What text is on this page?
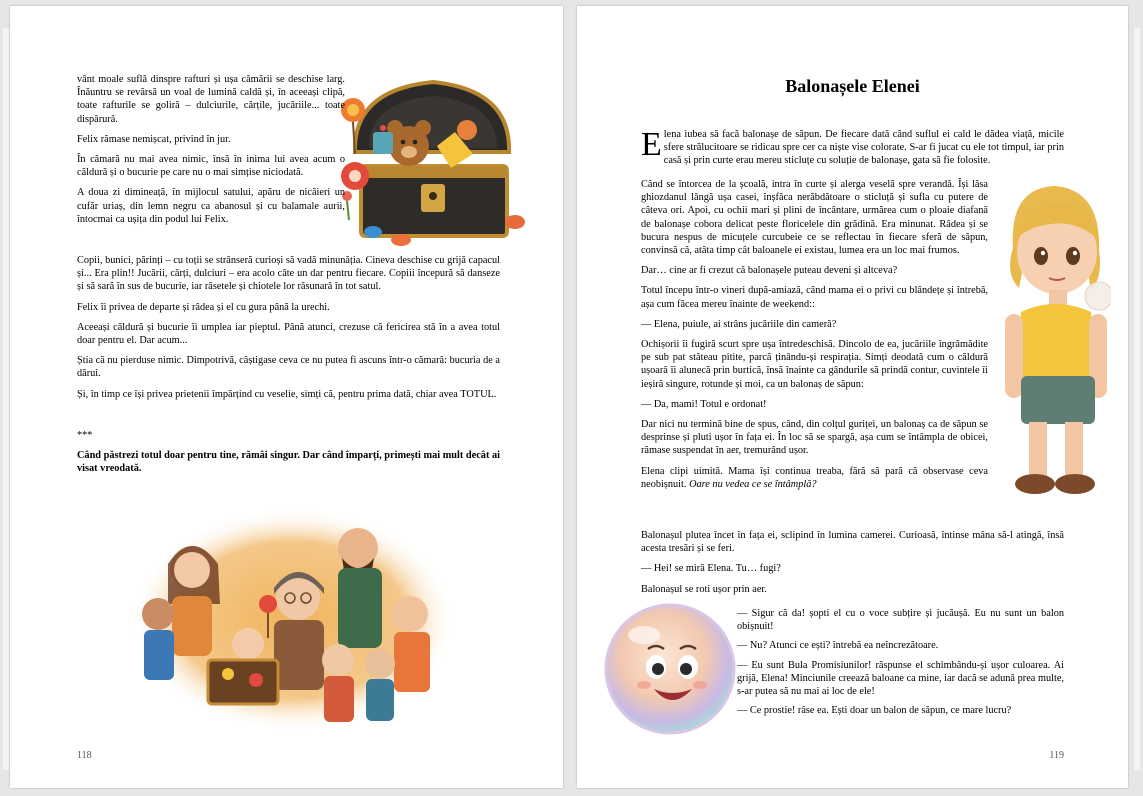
vânt moale suflă dinspre rafturi și ușa cămării se deschise larg. Înăuntru se revărsă un voal de lumină caldă și, în aceeași clipă, toate rafturile se goliră – dulciurile, cărțile, jucăriile... toate dispărură.

Felix rămase nemișcat, privind în jur.

În cămară nu mai avea nimic, însă în inima lui avea acum o căldură și o bucurie pe care nu o mai simțise niciodată.

A doua zi dimineață, în mijlocul satului, apăru de nicăieri un cufăr uriaș, din lemn negru ca abanosul și cu balamale aurii, întocmai ca ușița din podul lui Felix.

Copii, bunici, părinți – cu toții se strânseră curioși să vadă minunăția. Cineva deschise cu grijă capacul și... Era plin!! Jucării, cărți, dulciuri – era acolo câte un dar pentru fiecare. Copiii începură să danseze și să sară în sus de bucurie, iar râsetele și chiotele lor răsunară în tot satul.

Felix îi privea de departe și râdea și el cu gura până la urechi.

Aceeași căldură și bucurie îi umplea iar pieptul. Până atunci, crezuse că fericirea stă în a avea totul doar pentru el. Dar acum...

Știa că nu pierduse nimic. Dimpotrivă, câștigase ceva ce nu putea fi ascuns într-o cămară: bucuria de a dărui.

Și, în timp ce își privea prietenii împărțind cu veselie, simți că, pentru prima dată, chiar avea TOTUL.

***

Când păstrezi totul doar pentru tine, rămâi singur. Dar când împarți, primești mai mult decât ai visat vreodată.

118
Balonașele Elenei

E lena iubea să facă balonașe de săpun. De fiecare dată când suflul ei cald le dădea viață, micile sfere strălucitoare se ridicau spre cer ca niște vise colorate. S-ar fi jucat cu ele tot timpul, iar prin casă și prin curte erau mereu sticluțe cu soluție de balonașe, gata să fie folosite.

Când se întorcea de la școală, intra în curte și alerga veselă spre verandă. Își lăsa ghiozdanul lângă ușa casei, înșfăca nerăbdătoare o sticluță și sufla cu putere de câteva ori. Apoi, cu ochii mari și plini de încântare, urmărea cum o ploaie diafană de balonașe cobora delicat peste floricelele din grădină. Era minunat. Râdea și se bucura nespus de micuțele curcubeie ce se reflectau în fiecare sferă de săpun, convinsă că, atâta timp cât baloanele ei existau, lumea era un loc mai frumos.

Dar… cine ar fi crezut că balonașele puteau deveni și altceva?

Totul începu într-o vineri după-amiază, când mama ei o privi cu blândețe și întrebă, așa cum făcea mereu înainte de weekend::

— Elena, puiule, ai strâns jucăriile din cameră?

Ochișorii îi fugiră scurt spre ușa întredeschisă. Dincolo de ea, jucăriile îngrămădite pe sub pat stăteau pitite, parcă ținându-și respirația. Simți deodată cum o căldură ușoară îi alunecă prin burtică, însă înainte ca gândurile să prindă contur, cuvintele îi ieșiră singure, rotunde și moi, ca un balonaș de săpun:

— Da, mami! Totul e ordonat!

Dar nici nu termină bine de spus, când, din colțul guriței, un balonaș ca de săpun se desprinse și pluti ușor în fața ei. În loc să se spargă, așa cum se întâmpla de obicei, rămase suspendat în aer, tremurând ușor.

Elena clipi uimită. Mama își continua treaba, fără să pară că observase ceva neobișnuit. Oare nu vedea ce se întâmplă?

Balonașul plutea încet în fața ei, sclipind în lumina camerei. Curioasă, întinse mâna să-l atingă, însă acesta tresări și se feri.

— Hei! se miră Elena. Tu… fugi?

Balonașul se roti ușor prin aer.

— Sigur că da! șopti el cu o voce subțire și jucăușă. Eu nu sunt un balon obișnuit!

— Nu? Atunci ce ești? întrebă ea neîncrezătoare.

— Eu sunt Bula Promisiunilor! răspunse el schimbându-și ușor culoarea. Ai grijă, Elena! Minciunile creează baloane ca mine, iar dacă se adună prea multe, s-ar putea să nu mai ai loc de ele!

— Ce prostie! râse ea. Ești doar un balon de săpun, ce mare lucru?

119
